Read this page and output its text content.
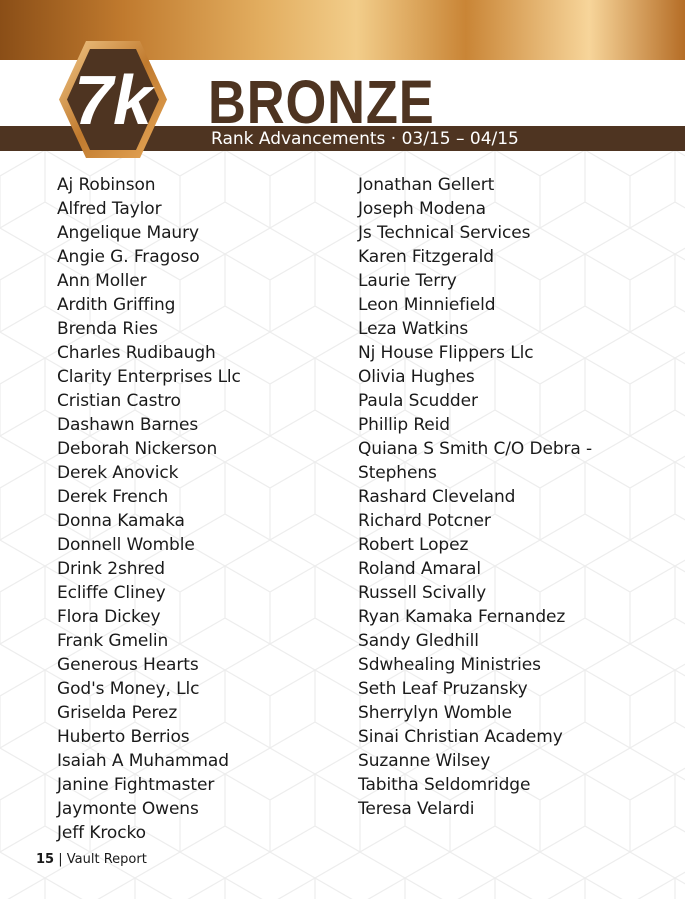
Rank Advancements · 03/15 – 04/15
7k BRONZE
Aj Robinson
Alfred Taylor
Angelique Maury
Angie G. Fragoso
Ann Moller
Ardith Griffing
Brenda Ries
Charles Rudibaugh
Clarity Enterprises Llc
Cristian Castro
Dashawn Barnes
Deborah Nickerson
Derek Anovick
Derek French
Donna Kamaka
Donnell Womble
Drink 2shred
Ecliffe Cliney
Flora Dickey
Frank Gmelin
Generous Hearts
God's Money, Llc
Griselda Perez
Huberto Berrios
Isaiah A Muhammad
Janine Fightmaster
Jaymonte Owens
Jeff Krocko
Jonathan Gellert
Joseph Modena
Js Technical Services
Karen Fitzgerald
Laurie Terry
Leon Minniefield
Leza Watkins
Nj House Flippers Llc
Olivia Hughes
Paula Scudder
Phillip Reid
Quiana S Smith C/O Debra -
Stephens
Rashard Cleveland
Richard Potcner
Robert Lopez
Roland Amaral
Russell Scivally
Ryan Kamaka Fernandez
Sandy Gledhill
Sdwhealing Ministries
Seth Leaf Pruzansky
Sherrylyn Womble
Sinai Christian Academy
Suzanne Wilsey
Tabitha Seldomridge
Teresa Velardi
15 | Vault Report
